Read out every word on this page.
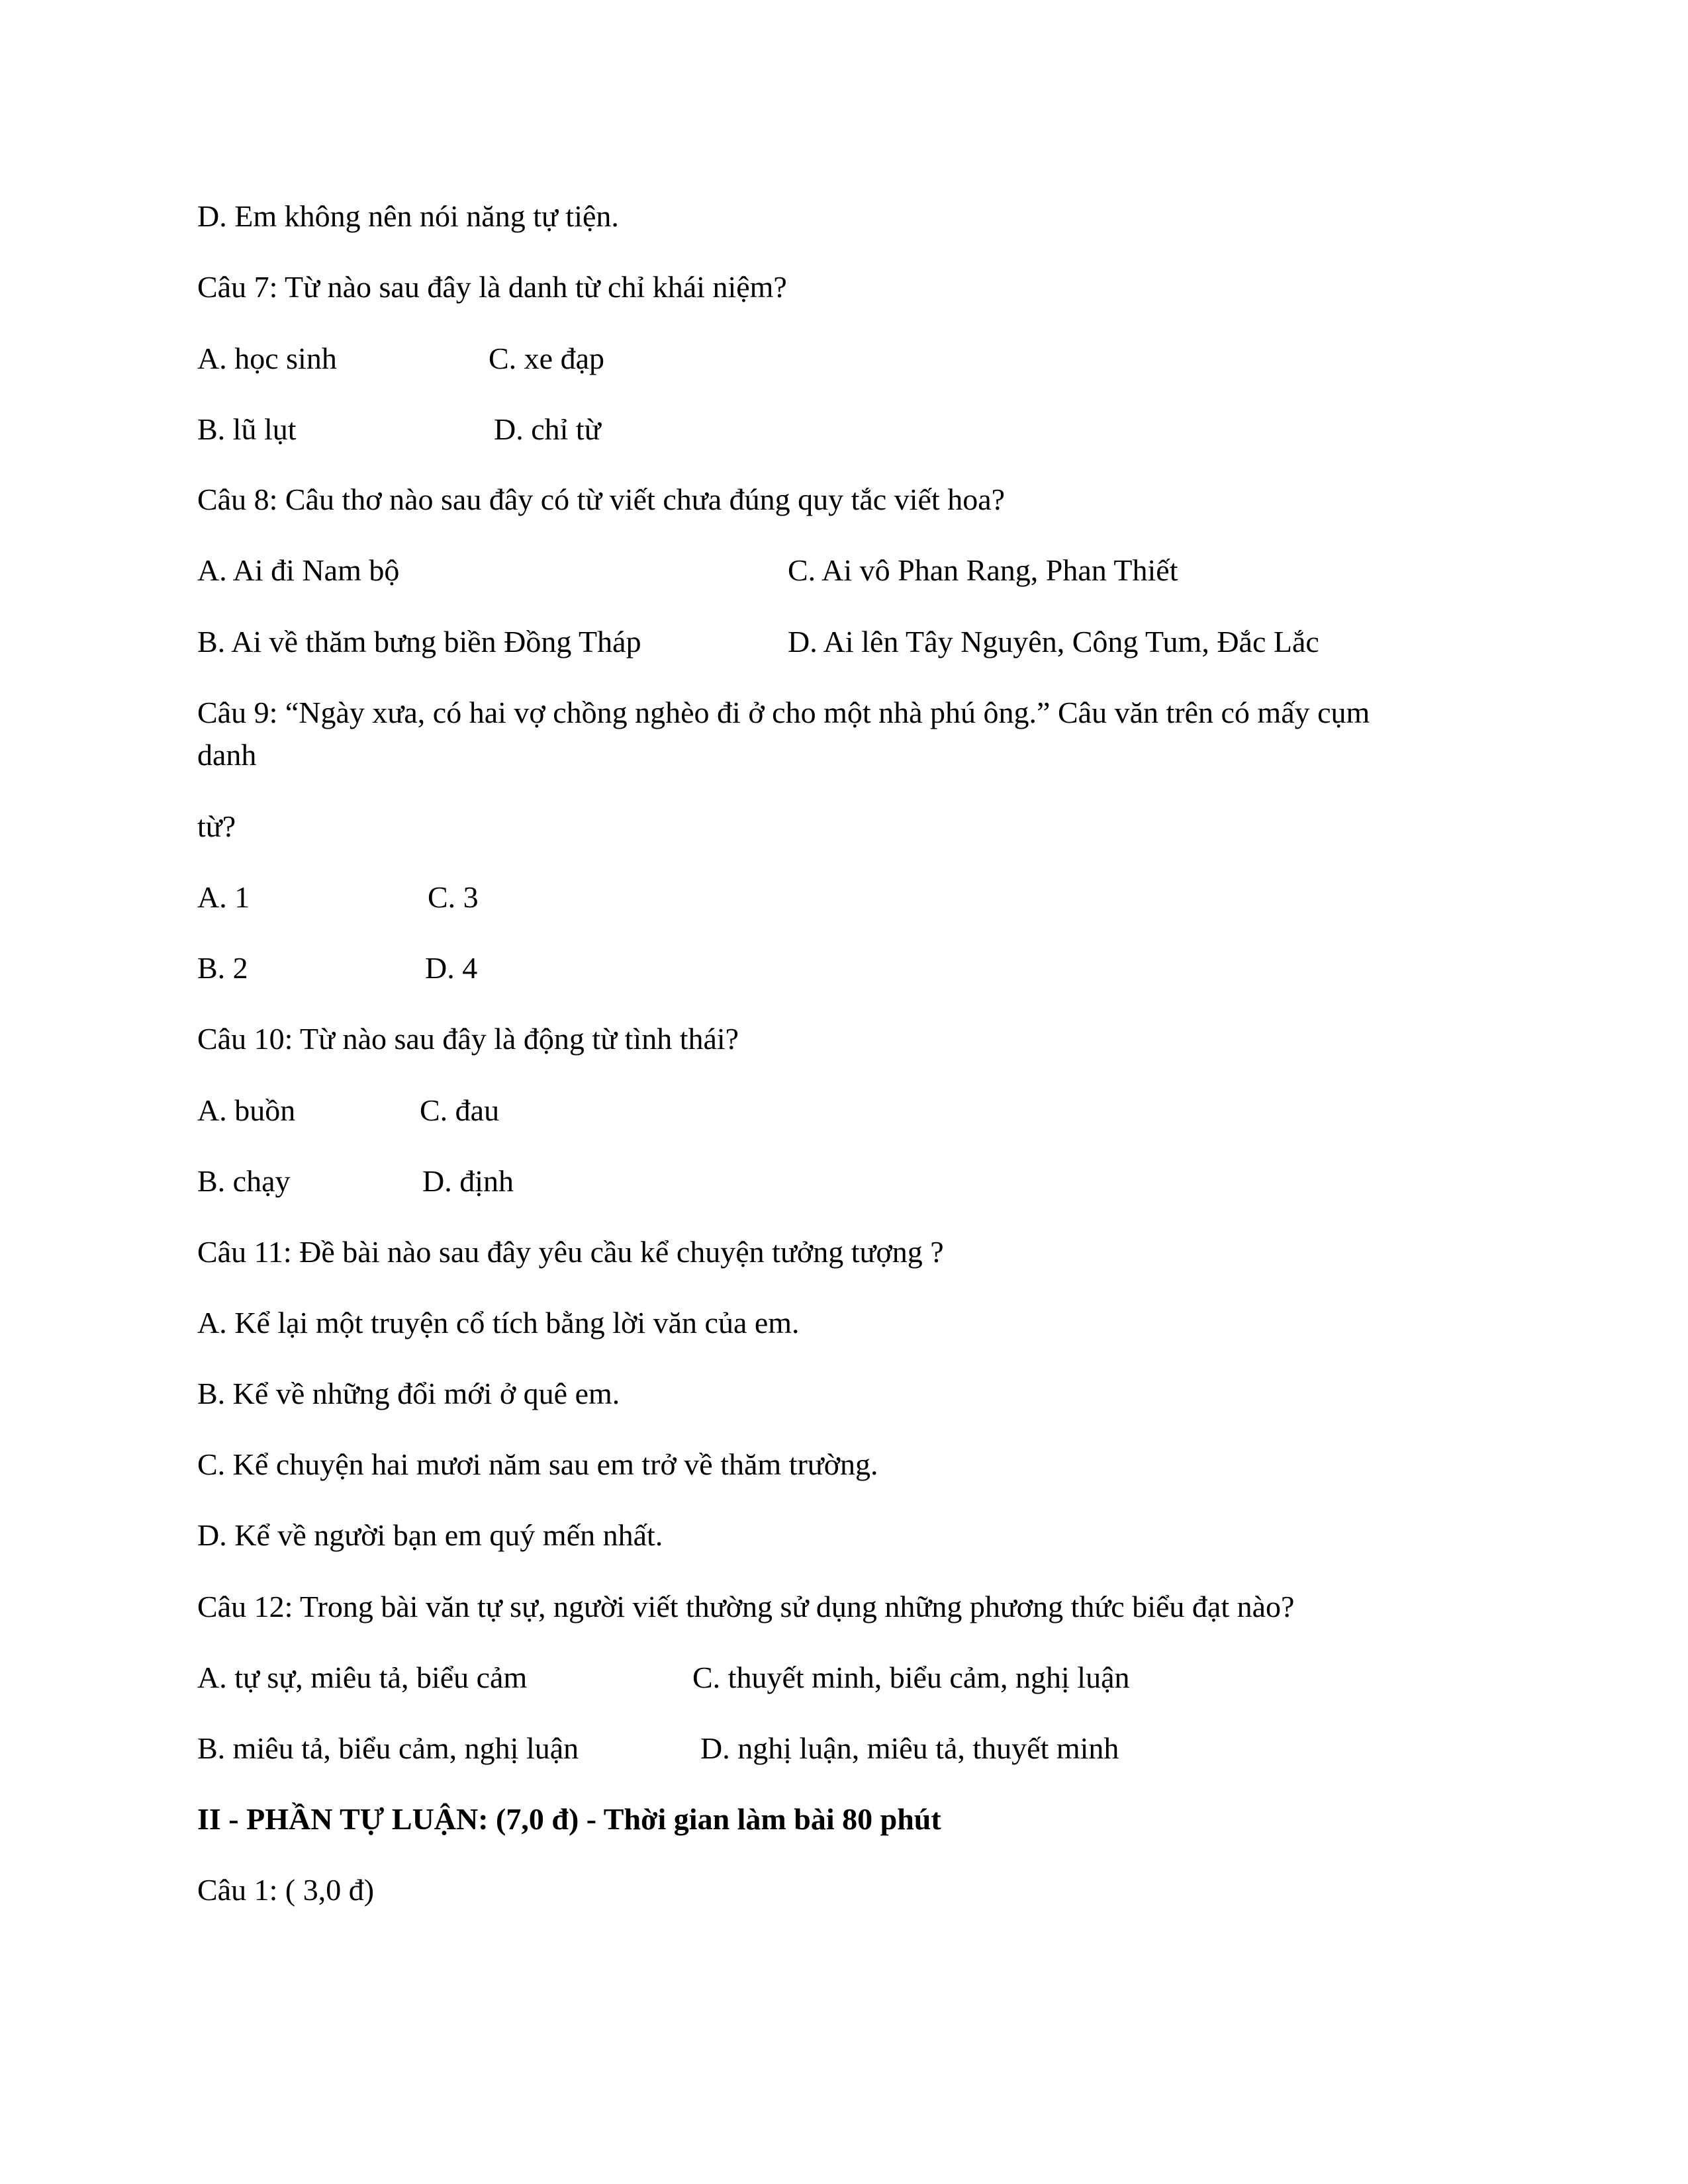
D. Em không nên nói năng tự tiện.
Câu 7: Từ nào sau đây là danh từ chỉ khái niệm?
A. học sinh	C. xe đạp
B. lũ lụt	D. chỉ từ
Câu 8: Câu thơ nào sau đây có từ viết chưa đúng quy tắc viết hoa?
A. Ai đi Nam bộ	C. Ai vô Phan Rang, Phan Thiết
B. Ai về thăm bưng biền Đồng Tháp	D. Ai lên Tây Nguyên, Công Tum, Đắc Lắc
Câu 9: “Ngày xưa, có hai vợ chồng nghèo đi ở cho một nhà phú ông.” Câu văn trên có mấy cụm
danh
từ?
A. 1	C. 3
B. 2	D. 4
Câu 10: Từ nào sau đây là động từ tình thái?
A. buồn	C. đau
B. chạy	D. định
Câu 11: Đề bài nào sau đây yêu cầu kể chuyện tưởng tượng ?
A. Kể lại một truyện cổ tích bằng lời văn của em.
B. Kể về những đổi mới ở quê em.
C. Kể chuyện hai mươi năm sau em trở về thăm trường.
D. Kể về người bạn em quý mến nhất.
Câu 12: Trong bài văn tự sự, người viết thường sử dụng những phương thức biểu đạt nào?
A. tự sự, miêu tả, biểu cảm	C. thuyết minh, biểu cảm, nghị luận
B. miêu tả, biểu cảm, nghị luận	D. nghị luận, miêu tả, thuyết minh
II - PHẦN TỰ LUẬN: (7,0 đ) - Thời gian làm bài 80 phút
Câu 1: ( 3,0 đ)
